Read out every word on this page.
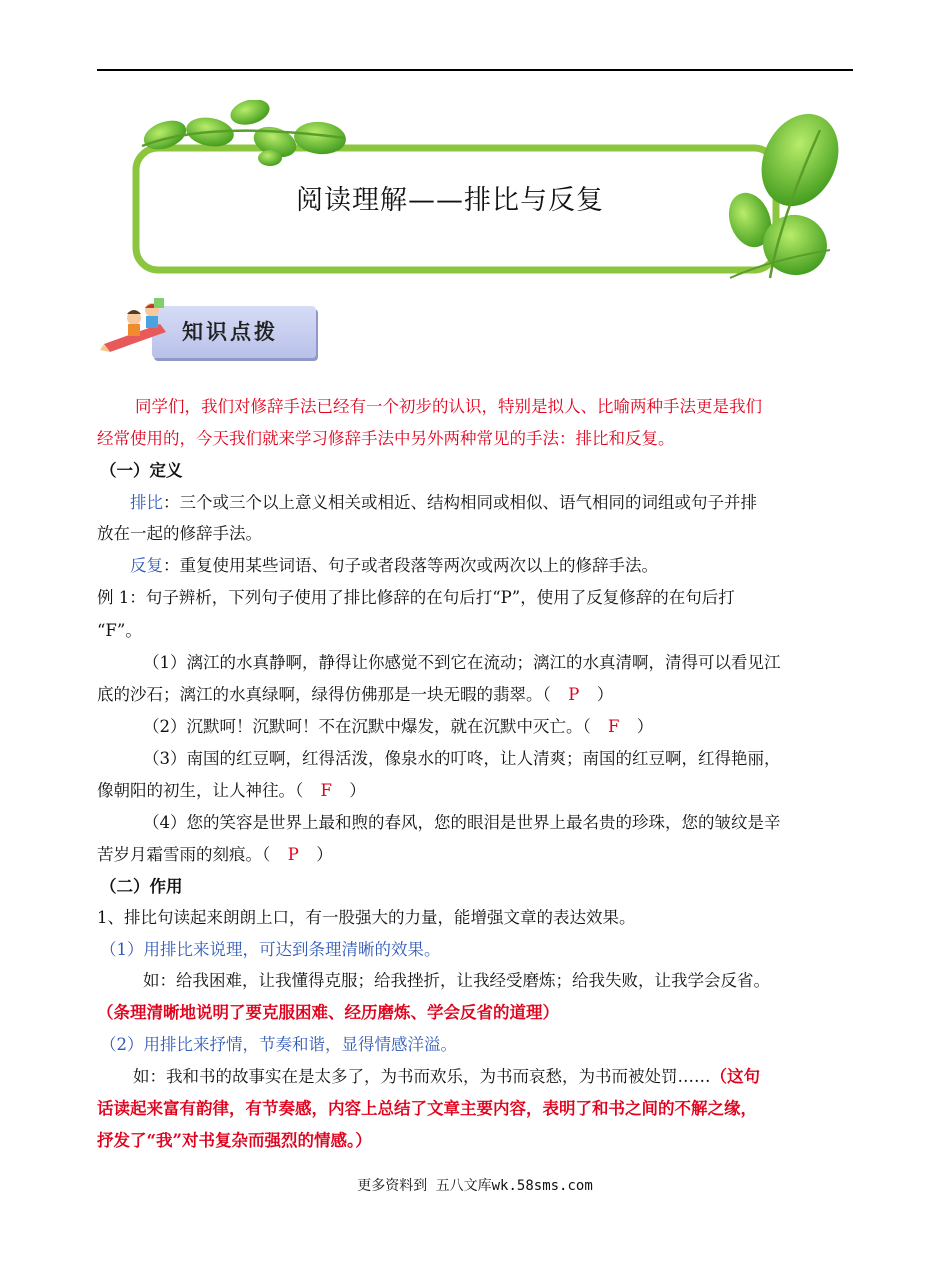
阅读理解——排比与反复
知识点拨
同学们，我们对修辞手法已经有一个初步的认识，特别是拟人、比喻两种手法更是我们
经常使用的，今天我们就来学习修辞手法中另外两种常见的手法：排比和反复。
（一）定义
排比：三个或三个以上意义相关或相近、结构相同或相似、语气相同的词组或句子并排
放在一起的修辞手法。
反复：重复使用某些词语、句子或者段落等两次或两次以上的修辞手法。
例 1：句子辨析，下列句子使用了排比修辞的在句后打“P”，使用了反复修辞的在句后打
“F”。
（1）漓江的水真静啊，静得让你感觉不到它在流动；漓江的水真清啊，清得可以看见江
底的沙石；漓江的水真绿啊，绿得仿佛那是一块无暇的翡翠。（ P ）
（2）沉默呵！沉默呵！不在沉默中爆发，就在沉默中灭亡。（ F ）
（3）南国的红豆啊，红得活泼，像泉水的叮咚，让人清爽；南国的红豆啊，红得艳丽，
像朝阳的初生，让人神往。（ F ）
（4）您的笑容是世界上最和煦的春风，您的眼泪是世界上最名贵的珍珠，您的皱纹是辛
苦岁月霜雪雨的刻痕。（ P ）
（二）作用
1、排比句读起来朗朗上口，有一股强大的力量，能增强文章的表达效果。
（1）用排比来说理，可达到条理清晰的效果。
如：给我困难，让我懂得克服；给我挫折，让我经受磨炼；给我失败，让我学会反省。
（条理清晰地说明了要克服困难、经历磨炼、学会反省的道理）
（2）用排比来抒情，节奏和谐，显得情感洋溢。
如：我和书的故事实在是太多了，为书而欢乐，为书而哀愁，为书而被处罚……（这句
话读起来富有韵律，有节奏感，内容上总结了文章主要内容，表明了和书之间的不解之缘，
抒发了“我”对书复杂而强烈的情感。）
更多资料到 五八文库wk.58sms.com
